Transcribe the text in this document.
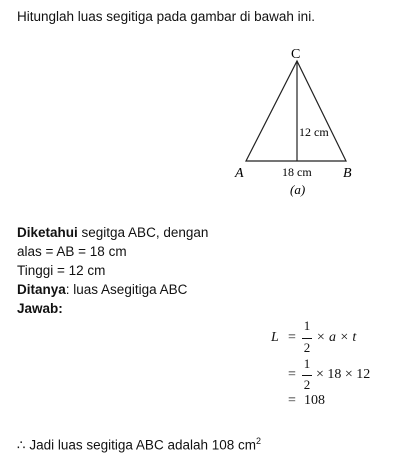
Hitunglah luas segitiga pada gambar di bawah ini.
C
A	B
12 cm
18 cm
(a)
Diketahui segitga ABC, dengan
alas = AB = 18 cm
Tinggi = 12 cm
Ditanya: luas Asegitiga ABC
Jawab:
L =
1
2
× a × t
=
1
2
× 18 × 12
= 108
∴ Jadi luas segitiga ABC adalah 108 $cm^2$
